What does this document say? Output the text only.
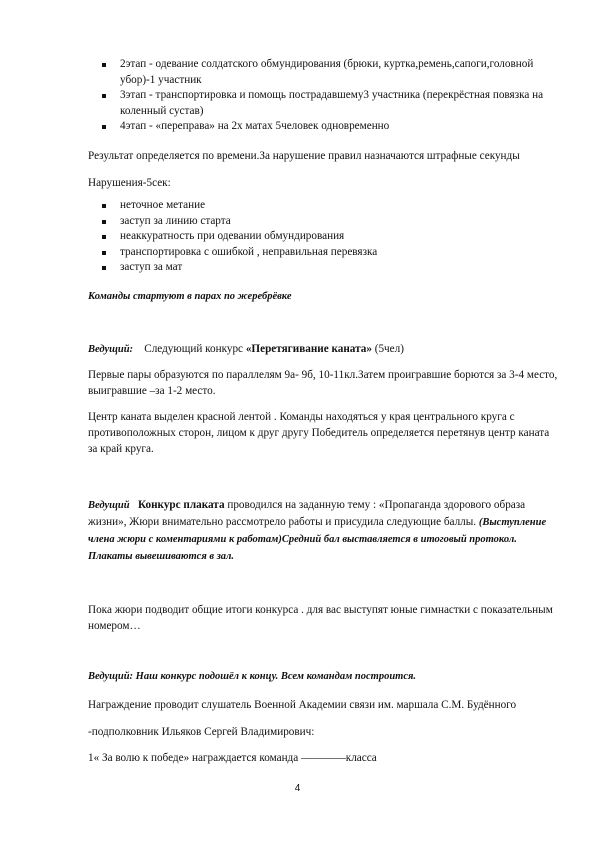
2этап - одевание солдатского обмундирования (брюки, куртка,ремень,сапоги,головной убор)-1 участник
3этап - транспортировка и помощь пострадавшему3 участника (перекрёстная повязка на коленный сустав)
4этап - «переправа» на 2х матах 5человек одновременно
Результат определяется по времени.За нарушение правил назначаются штрафные секунды
Нарушения-5сек:
неточное метание
заступ за линию старта
неаккуратность при одевании обмундирования
транспортировка с ошибкой , неправильная перевязка
заступ за мат
Команды стартуют в парах по жеребрёвке
Ведущий: Следующий конкурс «Перетягивание каната» (5чел)
Первые пары образуются по параллелям 9а- 9б, 10-11кл.Затем проигравшие борются за 3-4 место, выигравшие –за 1-2 место.
Центр каната выделен красной лентой . Команды находяться у края центрального круга с противоположных сторон, лицом к друг другу Победитель определяется перетянув центр каната за край круга.
Ведущий Конкурс плаката проводился на заданную тему : «Пропаганда здорового образа жизни», Жюри внимательно рассмотрело работы и присудила следующие баллы. (Выступление члена жюри с коментариями к работам)Средний бал выставляется в итоговый протокол. Плакаты вывешиваются в зал.
Пока жюри подводит общие итоги конкурса . для вас выступят юные гимнастки с показательным номером…
Ведущий: Наш конкурс подошёл к концу. Всем командам построится.
Награждение проводит слушатель Военной Академии связи им. маршала С.М. Будённого
-подполковник Ильяков Сергей Владимирович:
1« За волю к победе» награждается команда ————класса
4
